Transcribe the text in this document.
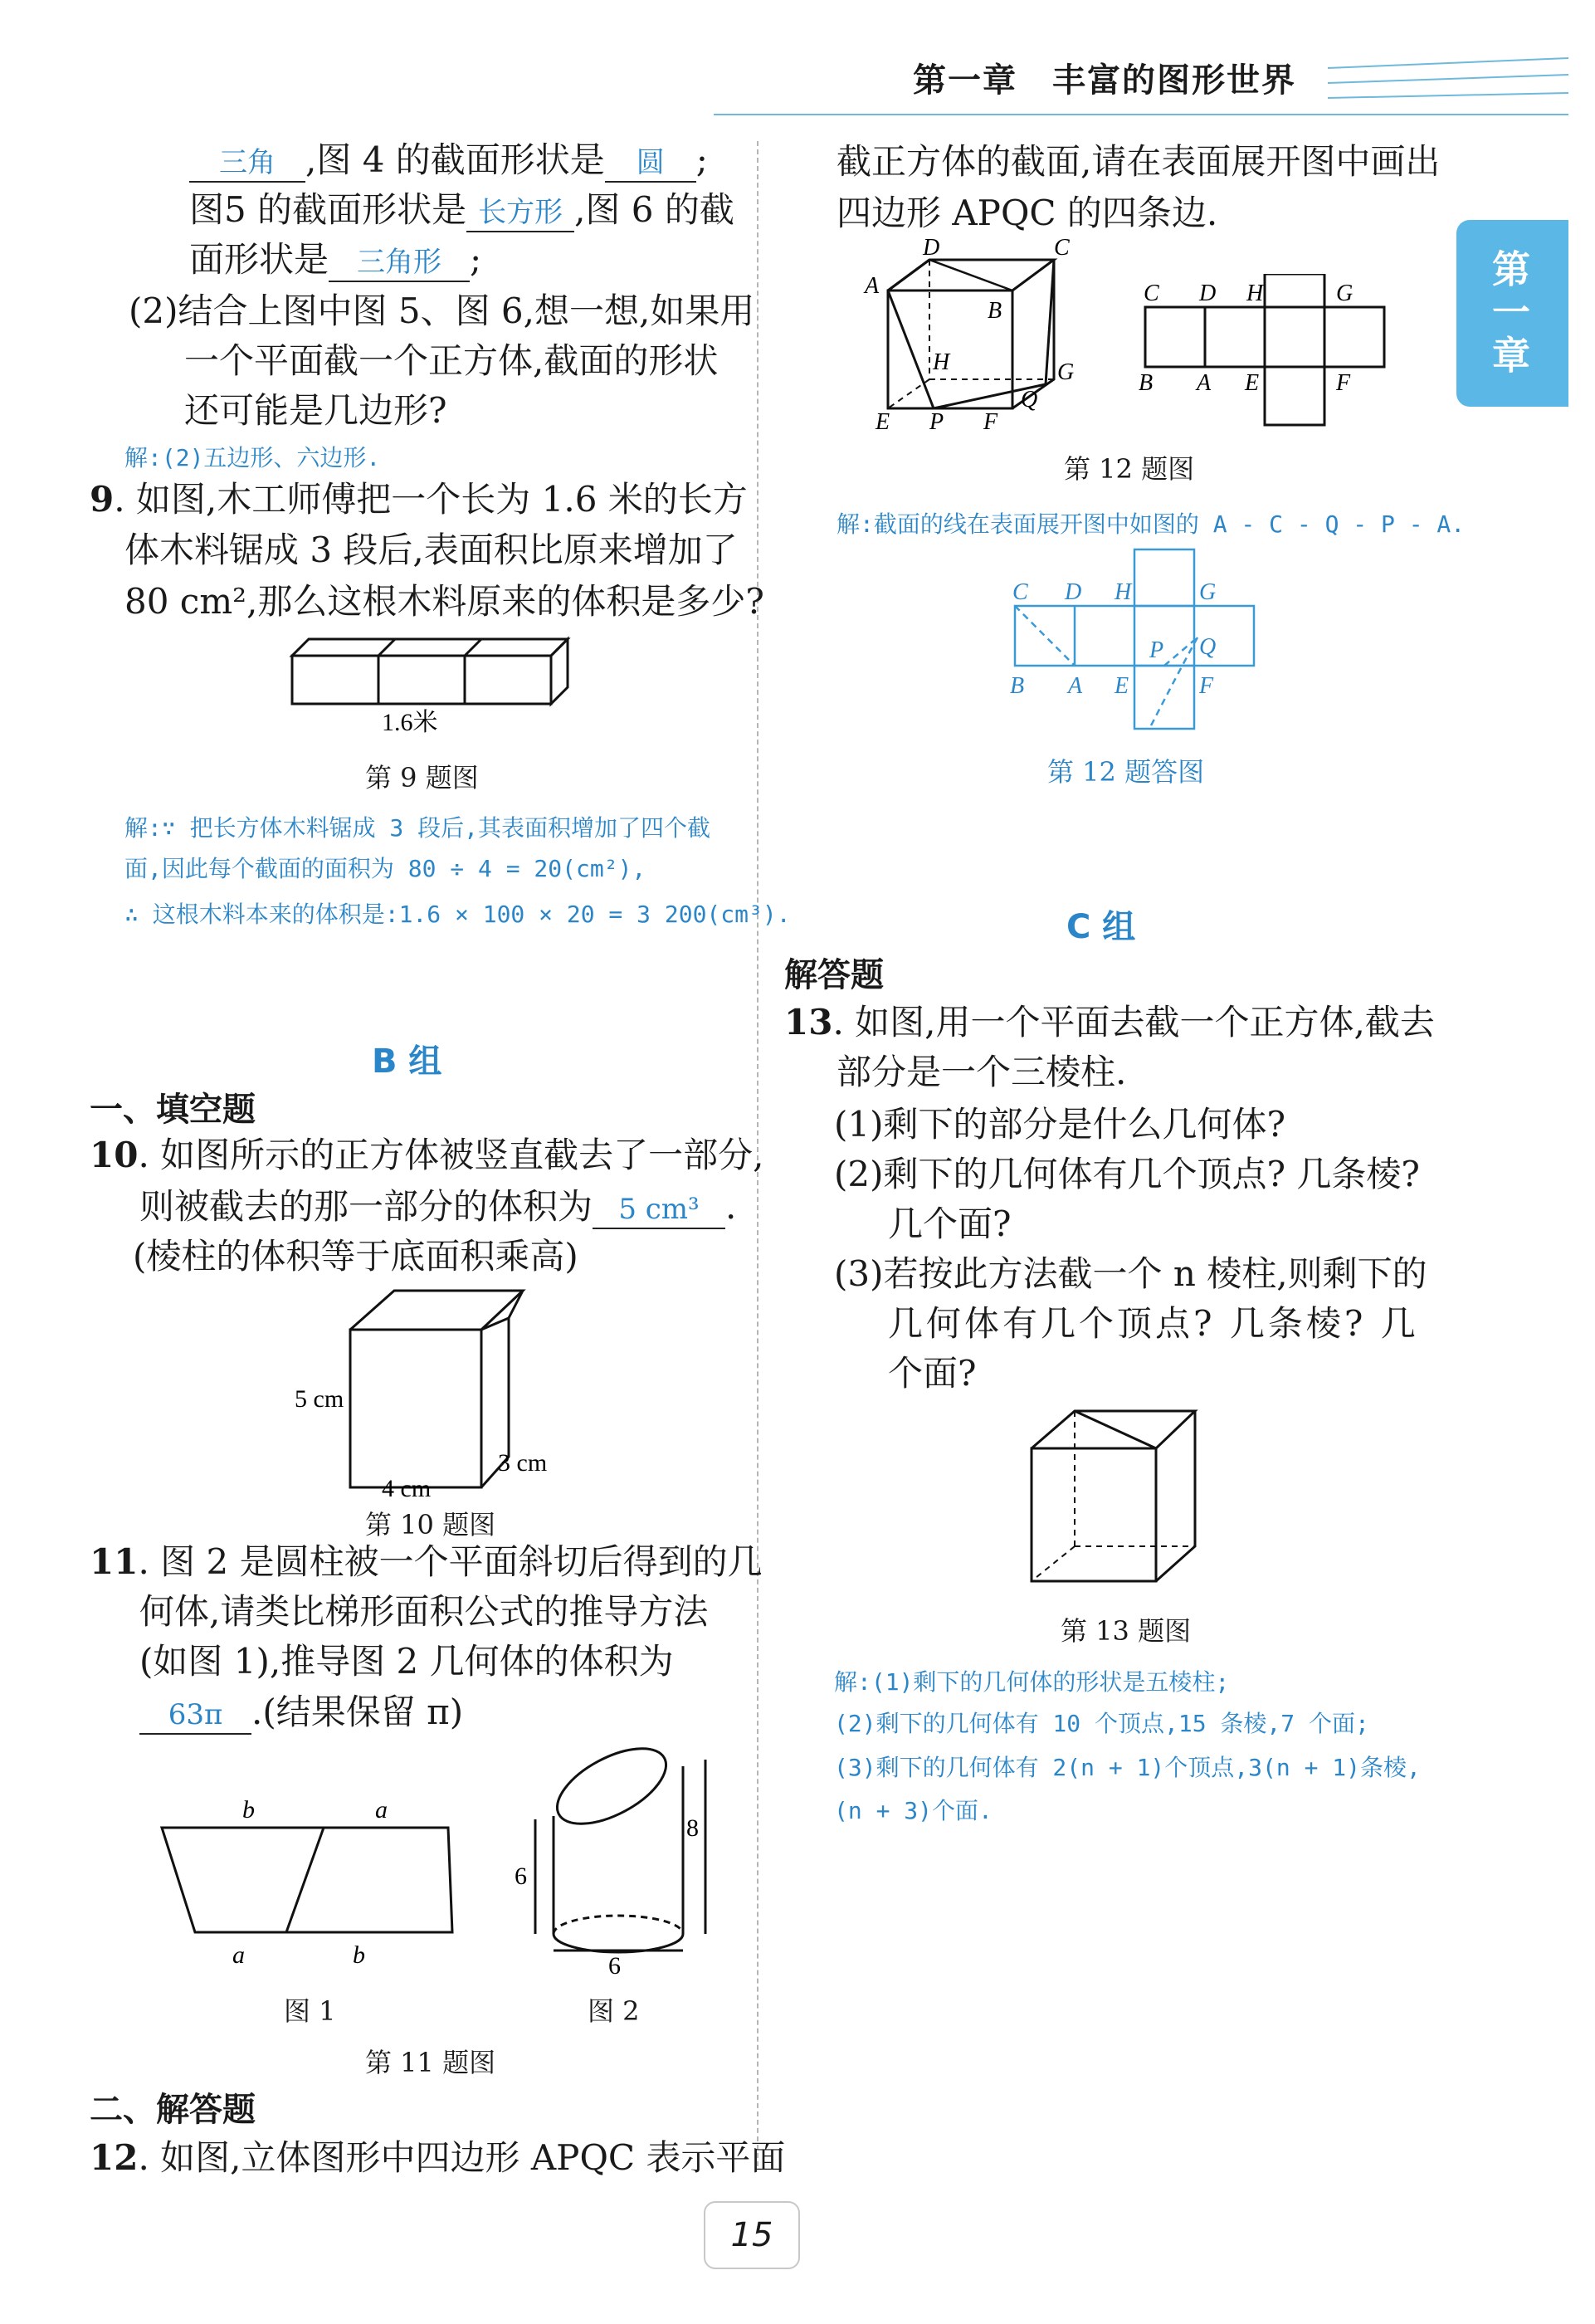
第一章　丰富的图形世界
第一章
三角 ,图 4 的截面形状是 圆 ;
图5 的截面形状是 长方形 ,图 6 的截
面形状是 三角形 ;
(2)结合上图中图 5、图 6,想一想,如果用
一个平面截一个正方体,截面的形状
还可能是几边形?
解:(2)五边形、六边形.
9. 如图,木工师傅把一个长为 1.6 米的长方
体木料锯成 3 段后,表面积比原来增加了
80 cm²,那么这根木料原来的体积是多少?
1.6米
第 9 题图
解:∵ 把长方体木料锯成 3 段后,其表面积增加了四个截
面,因此每个截面的面积为 80 ÷ 4 = 20(cm²),
∴ 这根木料本来的体积是:1.6 × 100 × 20 = 3 200(cm³).
B 组
一、填空题
10. 如图所示的正方体被竖直截去了一部分,
则被截去的那一部分的体积为 5 cm³ .
(棱柱的体积等于底面积乘高)
5 cm
4 cm
3 cm
第 10 题图
11. 图 2 是圆柱被一个平面斜切后得到的几
何体,请类比梯形面积公式的推导方法
(如图 1),推导图 2 几何体的体积为
63π .(结果保留 π)
b	a
a	b
图 1
6
8
6
图 2
第 11 题图
二、解答题
12. 如图,立体图形中四边形 APQC 表示平面
截正方体的截面,请在表面展开图中画出
四边形 APQC 的四条边.
D	C
A
B
H	G
Q
E P F
C D H	G
B A E	F
第 12 题图
解:截面的线在表面展开图中如图的 A - C - Q - P - A.
C D H	G
P Q
B A E	F
第 12 题答图
C 组
解答题
13. 如图,用一个平面去截一个正方体,截去
部分是一个三棱柱.
(1)剩下的部分是什么几何体?
(2)剩下的几何体有几个顶点? 几条棱?
几个面?
(3)若按此方法截一个 n 棱柱,则剩下的
几何体有几个顶点? 几条棱? 几
个面?
第 13 题图
解:(1)剩下的几何体的形状是五棱柱;
(2)剩下的几何体有 10 个顶点,15 条棱,7 个面;
(3)剩下的几何体有 2(n + 1)个顶点,3(n + 1)条棱,
(n + 3)个面.
15
